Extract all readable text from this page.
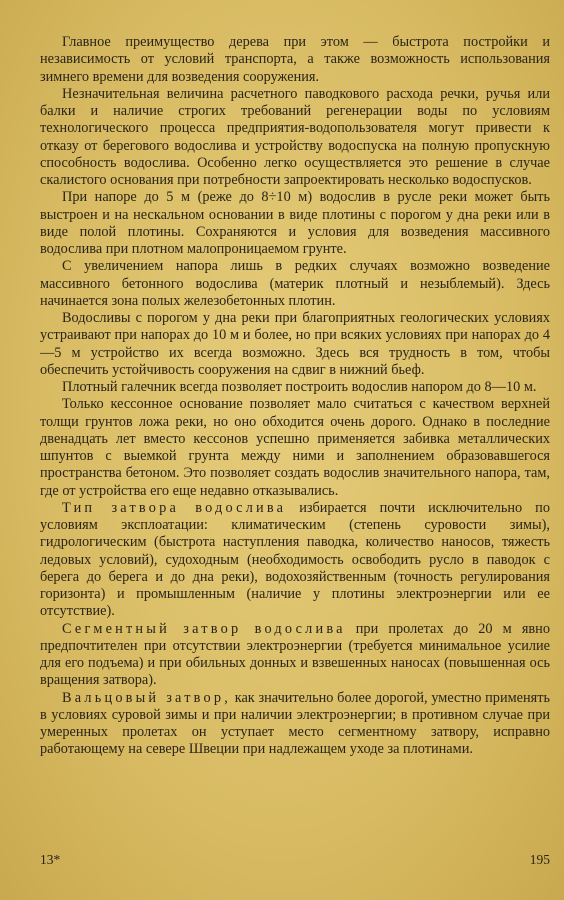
Главное преимущество дерева при этом — быстрота постройки и независимость от условий транспорта, а также возможность использования зимнего времени для возведения сооружения.

Незначительная величина расчетного паводкового расхода речки, ручья или балки и наличие строгих требований регенерации воды по условиям технологического процесса предприятия-водопользователя могут привести к отказу от берегового водослива и устройству водоспуска на полную пропускную способность водослива. Особенно легко осуществляется это решение в случае скалистого основания при потребности запроектировать несколько водоспусков.

При напоре до 5 м (реже до 8÷10 м) водослив в русле реки может быть выстроен и на нескальном основании в виде плотины с порогом у дна реки или в виде полой плотины. Сохраняются и условия для возведения массивного водослива при плотном малопроницаемом грунте.

С увеличением напора лишь в редких случаях возможно возведение массивного бетонного водослива (материк плотный и незыблемый). Здесь начинается зона полых железобетонных плотин.

Водосливы с порогом у дна реки при благоприятных геологических условиях устраивают при напорах до 10 м и более, но при всяких условиях при напорах до 4—5 м устройство их всегда возможно. Здесь вся трудность в том, чтобы обеспечить устойчивость сооружения на сдвиг в нижний бьеф.

Плотный галечник всегда позволяет построить водослив напором до 8—10 м.

Только кессонное основание позволяет мало считаться с качеством верхней толщи грунтов ложа реки, но оно обходится очень дорого. Однако в последние двенадцать лет вместо кессонов успешно применяется забивка металлических шпунтов с выемкой грунта между ними и заполнением образовавшегося пространства бетоном. Это позволяет создать водослив значительного напора, там, где от устройства его еще недавно отказывались.

Тип затвора водослива избирается почти исключительно по условиям эксплоатации: климатическим (степень суровости зимы), гидрологическим (быстрота наступления паводка, количество наносов, тяжесть ледовых условий), судоходным (необходимость освободить русло в паводок с берега до берега и до дна реки), водохозяйственным (точность регулирования горизонта) и промышленным (наличие у плотины электроэнергии или ее отсутствие).

Сегментный затвор водослива при пролетах до 20 м явно предпочтителен при отсутствии электроэнергии (требуется минимальное усилие для его подъема) и при обильных донных и взвешенных наносах (повышенная ось вращения затвора).

Вальцовый затвор, как значительно более дорогой, уместно применять в условиях суровой зимы и при наличии электроэнергии; в противном случае при умеренных пролетах он уступает место сегментному затвору, исправно работающему на севере Швеции при надлежащем уходе за плотинами.

13*	195
